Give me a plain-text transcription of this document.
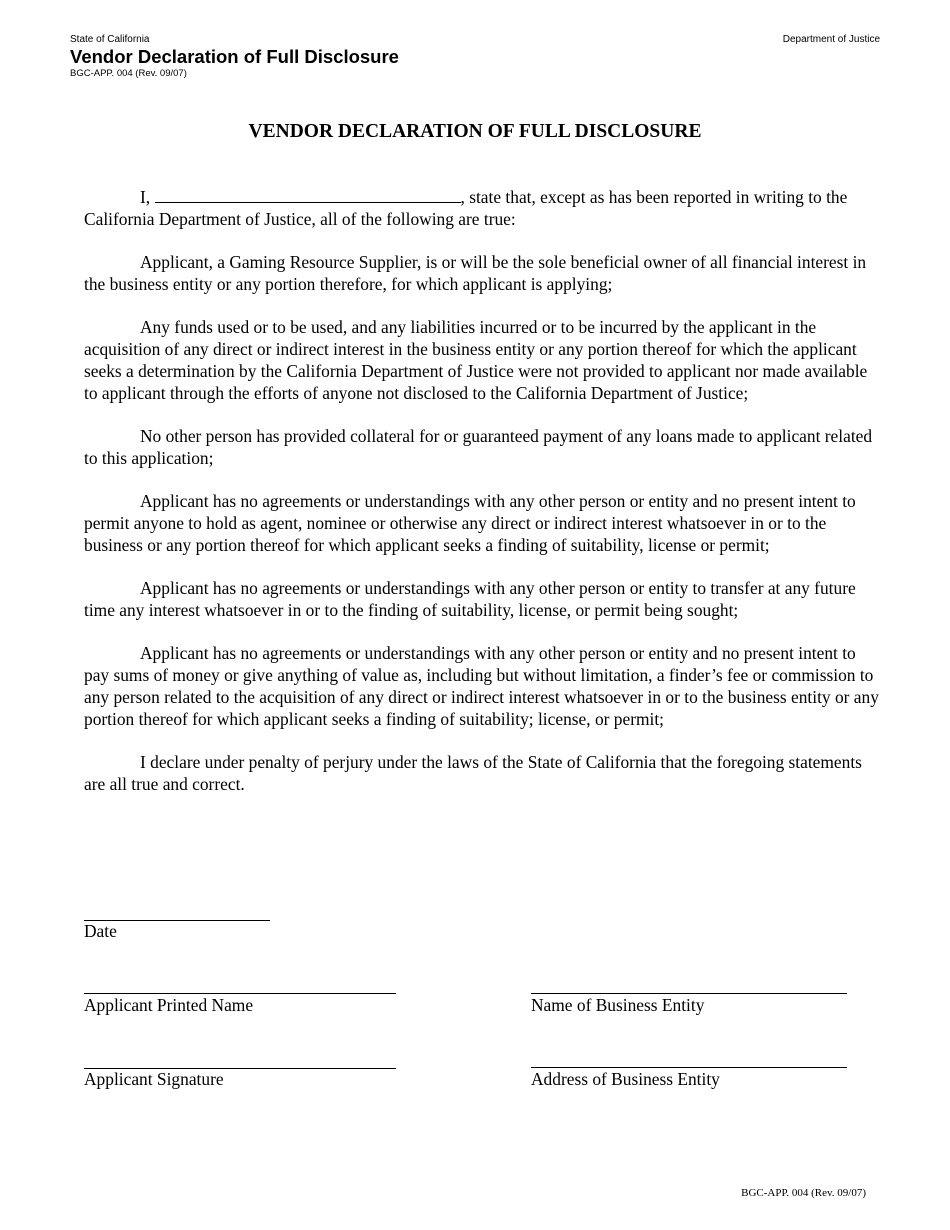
State of California
Vendor Declaration of Full Disclosure
BGC-APP. 004 (Rev. 09/07)
Department of Justice
VENDOR DECLARATION OF FULL DISCLOSURE

I,	, state that, except as has been reported in writing to the California Department of Justice, all of the following are true:

Applicant, a Gaming Resource Supplier, is or will be the sole beneficial owner of all financial interest in the business entity or any portion therefore, for which applicant is applying;

Any funds used or to be used, and any liabilities incurred or to be incurred by the applicant in the acquisition of any direct or indirect interest in the business entity or any portion thereof for which the applicant seeks a determination by the California Department of Justice were not provided to applicant nor made available to applicant through the efforts of anyone not disclosed to the California Department of Justice;

No other person has provided collateral for or guaranteed payment of any loans made to applicant related to this application;

Applicant has no agreements or understandings with any other person or entity and no present intent to permit anyone to hold as agent, nominee or otherwise any direct or indirect interest whatsoever in or to the business or any portion thereof for which applicant seeks a finding of suitability, license or permit;

Applicant has no agreements or understandings with any other person or entity to transfer at any future time any interest whatsoever in or to the finding of suitability, license, or permit being sought;

Applicant has no agreements or understandings with any other person or entity and no present intent to pay sums of money or give anything of value as, including but without limitation, a finder’s fee or commission to any person related to the acquisition of any direct or indirect interest whatsoever in or to the business entity or any portion thereof for which applicant seeks a finding of suitability; license, or permit;

I declare under penalty of perjury under the laws of the State of California that the foregoing statements are all true and correct.

Date
Applicant Printed Name	Name of Business Entity
Applicant Signature	Address of Business Entity
BGC-APP. 004 (Rev. 09/07)
